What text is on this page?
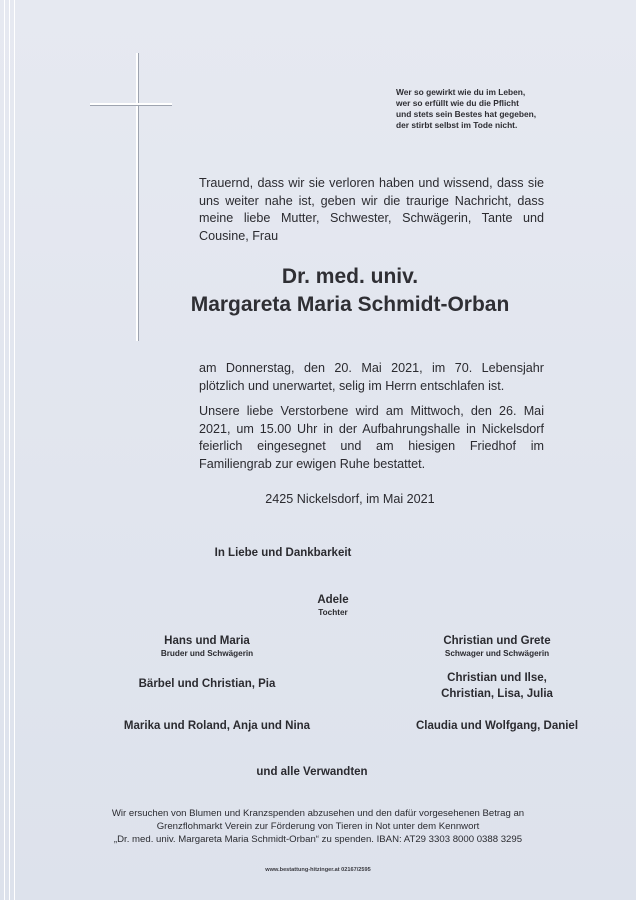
Wer so gewirkt wie du im Leben,
wer so erfüllt wie du die Pflicht
und stets sein Bestes hat gegeben,
der stirbt selbst im Tode nicht.
Trauernd, dass wir sie verloren haben und wissend, dass sie uns weiter nahe ist, geben wir die traurige Nachricht, dass meine liebe Mutter, Schwester, Schwägerin, Tante und Cousine, Frau
Dr. med. univ.
Margareta Maria Schmidt-Orban
am Donnerstag, den 20. Mai 2021, im 70. Lebensjahr plötzlich und unerwartet, selig im Herrn entschlafen ist.
Unsere liebe Verstorbene wird am Mittwoch, den 26. Mai 2021, um 15.00 Uhr in der Aufbahrungshalle in Nickelsdorf feierlich eingesegnet und am hiesigen Friedhof im Familiengrab zur ewigen Ruhe bestattet.
2425 Nickelsdorf, im Mai 2021
In Liebe und Dankbarkeit
Adele
Tochter
Hans und Maria
Bruder und Schwägerin
Christian und Grete
Schwager und Schwägerin
Bärbel und Christian, Pia	Christian und Ilse,
Christian, Lisa, Julia
Marika und Roland, Anja und Nina	Claudia und Wolfgang, Daniel
und alle Verwandten
Wir ersuchen von Blumen und Kranzspenden abzusehen und den dafür vorgesehenen Betrag an
Grenzflohmarkt Verein zur Förderung von Tieren in Not unter dem Kennwort
„Dr. med. univ. Margareta Maria Schmidt-Orban“ zu spenden. IBAN: AT29 3303 8000 0388 3295
www.bestattung-hitzinger.at 02167/2595
